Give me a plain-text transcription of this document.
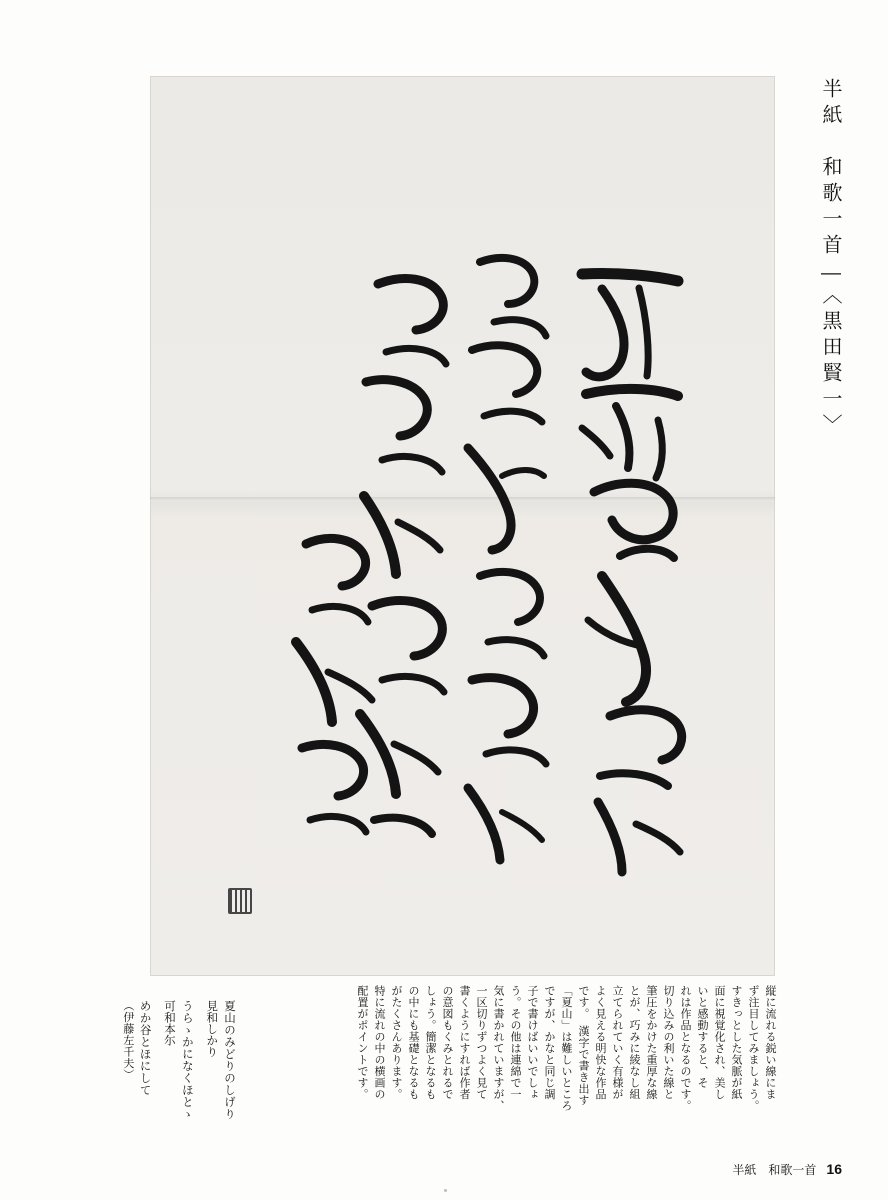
半紙　和歌一首―〈黒田賢一〉
縦に流れる鋭い線にま
ず注目してみましょう。
すきっとした気脈が紙
面に視覚化され、美し
いと感動すると、そ
れは作品となるのです。
切り込みの利いた線と
筆圧をかけた重厚な線
とが、巧みに綾なし組
立てられていく有様が
よく見える明快な作品
です。　漢字で書き出す
「夏山」は難しいところ
ですが、かなと同じ調
子で書けばいいでしょ
う。その他は連綿で一
気に書かれていますが、
一区切りずつよく見て
書くようにすれば作者
の意図もくみとれるで
しょう。簡潔となるも
の中にも基礎となるも
がたくさんあります。
特に流れの中の横画の
配置がポイントです。
夏山のみどりのしげり
見和しかり
うらゝかになくほとゝ
可和本尓
めか谷とほにして
（伊藤左千夫）
半紙　和歌一首 16
